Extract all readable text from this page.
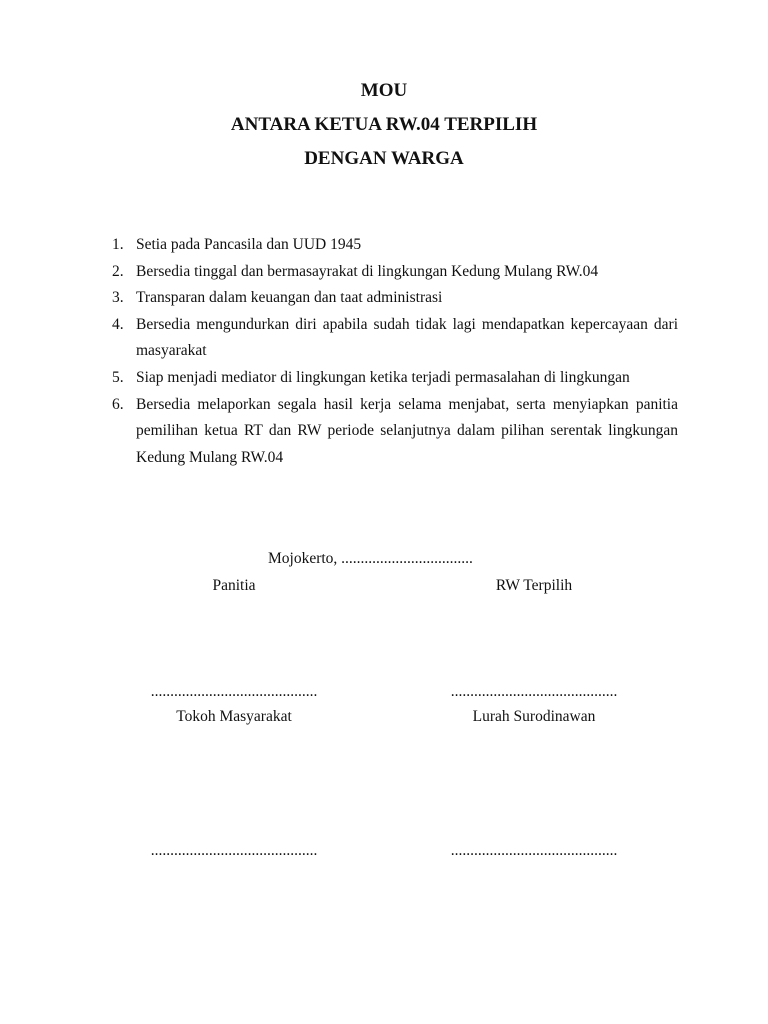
MOU
ANTARA KETUA RW.04 TERPILIH
DENGAN WARGA
1. Setia pada Pancasila dan UUD 1945
2. Bersedia tinggal dan bermasayrakat di lingkungan Kedung Mulang RW.04
3. Transparan dalam keuangan dan taat administrasi
4. Bersedia mengundurkan diri apabila sudah tidak lagi mendapatkan kepercayaan dari masyarakat
5. Siap menjadi mediator di lingkungan ketika terjadi permasalahan di lingkungan
6. Bersedia melaporkan segala hasil kerja selama menjabat, serta menyiapkan panitia pemilihan ketua RT dan RW periode selanjutnya dalam pilihan serentak lingkungan Kedung Mulang RW.04
Mojokerto, ..................................
Panitia	RW Terpilih
...........................................	...........................................
Tokoh Masyarakat	Lurah Surodinawan
...........................................	...........................................
